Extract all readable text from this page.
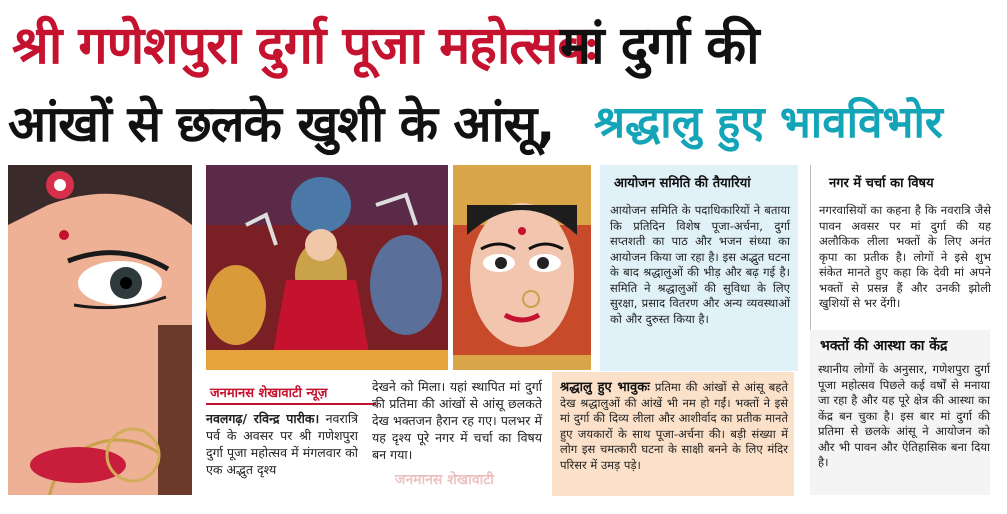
श्री गणेशपुरा दुर्गा पूजा महोत्सवः
मां दुर्गा की
आंखों से छलके खुशी के आंसू, श्रद्धालु हुए भावविभोर
जनमानस शेखावाटी न्यूज़
नवलगढ़/ रविन्द्र पारीक। नवरात्रि पर्व के अवसर पर श्री गणेशपुरा दुर्गा पूजा महोत्सव में मंगलवार को एक अद्भुत दृश्य
देखने को मिला। यहां स्थापित मां दुर्गा की प्रतिमा की आंखों से आंसू छलकते देख भक्तजन हैरान रह गए। पलभर में यह दृश्य पूरे नगर में चर्चा का विषय बन गया।
आयोजन समिति की तैयारियां
आयोजन समिति के पदाधिकारियों ने बताया कि प्रतिदिन विशेष पूजा-अर्चना, दुर्गा सप्तशती का पाठ और भजन संध्या का आयोजन किया जा रहा है। इस अद्भुत घटना के बाद श्रद्धालुओं की भीड़ और बढ़ गई है। समिति ने श्रद्धालुओं की सुविधा के लिए सुरक्षा, प्रसाद वितरण और अन्य व्यवस्थाओं को और दुरुस्त किया है।
नगर में चर्चा का विषय
नगरवासियों का कहना है कि नवरात्रि जैसे पावन अवसर पर मां दुर्गा की यह अलौकिक लीला भक्तों के लिए अनंत कृपा का प्रतीक है। लोगों ने इसे शुभ संकेत मानते हुए कहा कि देवी मां अपने भक्तों से प्रसन्न हैं और उनकी झोली खुशियों से भर देंगी।
भक्तों की आस्था का केंद्र
स्थानीय लोगों के अनुसार, गणेशपुरा दुर्गा पूजा महोत्सव पिछले कई वर्षों से मनाया जा रहा है और यह पूरे क्षेत्र की आस्था का केंद्र बन चुका है। इस बार मां दुर्गा की प्रतिमा से छलके आंसू ने आयोजन को और भी पावन और ऐतिहासिक बना दिया है।
श्रद्धालु हुए भावुकः प्रतिमा की आंखों से आंसू बहते देख श्रद्धालुओं की आंखें भी नम हो गईं। भक्तों ने इसे मां दुर्गा की दिव्य लीला और आशीर्वाद का प्रतीक मानते हुए जयकारों के साथ पूजा-अर्चना की। बड़ी संख्या में लोग इस चमत्कारी घटना के साक्षी बनने के लिए मंदिर परिसर में उमड़ पड़े।
जनमानस शेखावाटी
